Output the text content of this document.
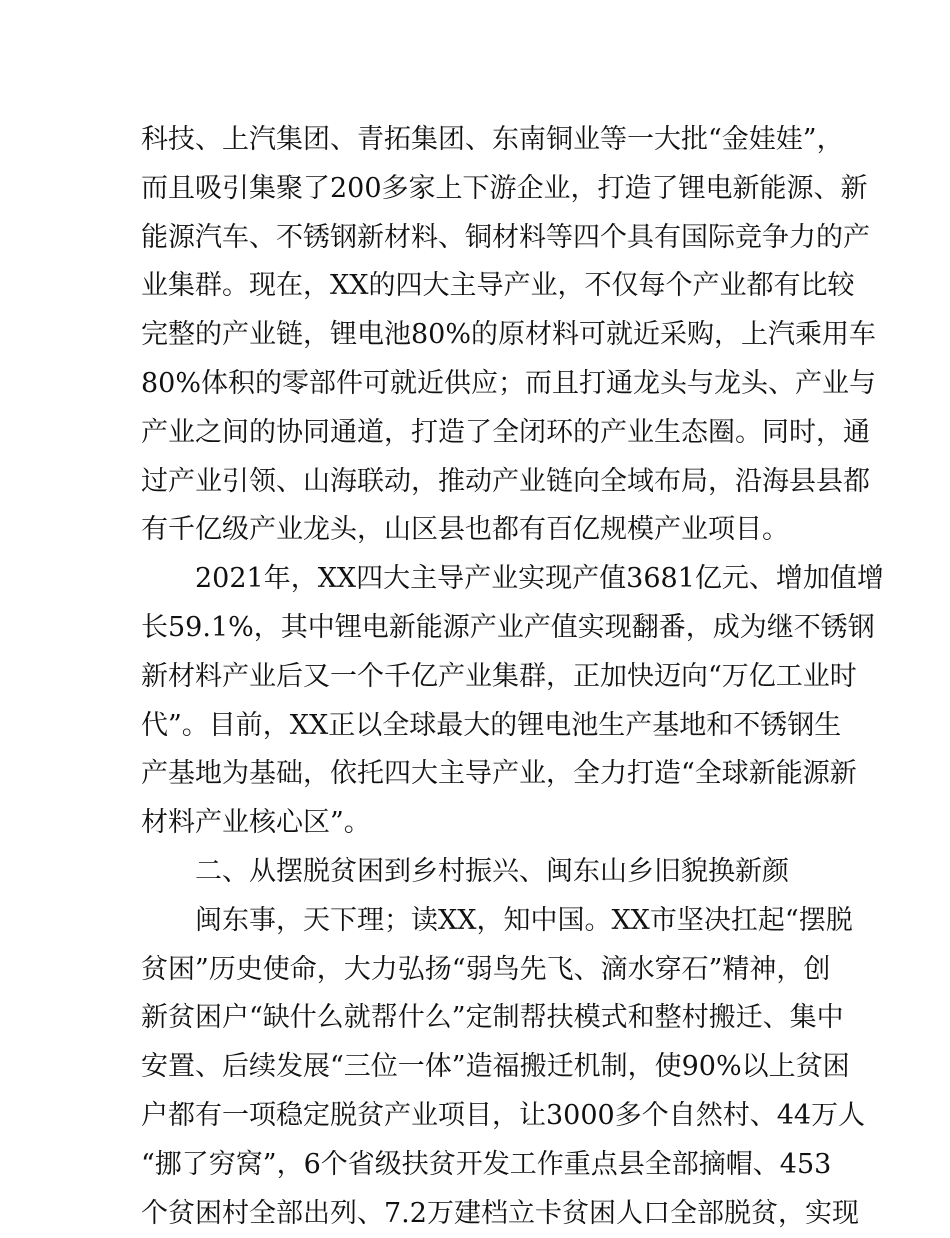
科技、上汽集团、青拓集团、东南铜业等一大批“金娃娃”，
而且吸引集聚了200多家上下游企业，打造了锂电新能源、新
能源汽车、不锈钢新材料、铜材料等四个具有国际竞争力的产
业集群。现在，XX的四大主导产业，不仅每个产业都有比较
完整的产业链，锂电池80%的原材料可就近采购，上汽乘用车
80%体积的零部件可就近供应；而且打通龙头与龙头、产业与
产业之间的协同通道，打造了全闭环的产业生态圈。同时，通
过产业引领、山海联动，推动产业链向全域布局，沿海县县都
有千亿级产业龙头，山区县也都有百亿规模产业项目。
2021年，XX四大主导产业实现产值3681亿元、增加值增
长59.1%，其中锂电新能源产业产值实现翻番，成为继不锈钢
新材料产业后又一个千亿产业集群，正加快迈向“万亿工业时
代”。目前，XX正以全球最大的锂电池生产基地和不锈钢生
产基地为基础，依托四大主导产业，全力打造“全球新能源新
材料产业核心区”。
二、从摆脱贫困到乡村振兴、闽东山乡旧貌换新颜
闽东事，天下理；读XX，知中国。XX市坚决扛起“摆脱
贫困”历史使命，大力弘扬“弱鸟先飞、滴水穿石”精神，创
新贫困户“缺什么就帮什么”定制帮扶模式和整村搬迁、集中
安置、后续发展“三位一体”造福搬迁机制，使90%以上贫困
户都有一项稳定脱贫产业项目，让3000多个自然村、44万人
“挪了穷窝”，6个省级扶贫开发工作重点县全部摘帽、453
个贫困村全部出列、7.2万建档立卡贫困人口全部脱贫，实现
